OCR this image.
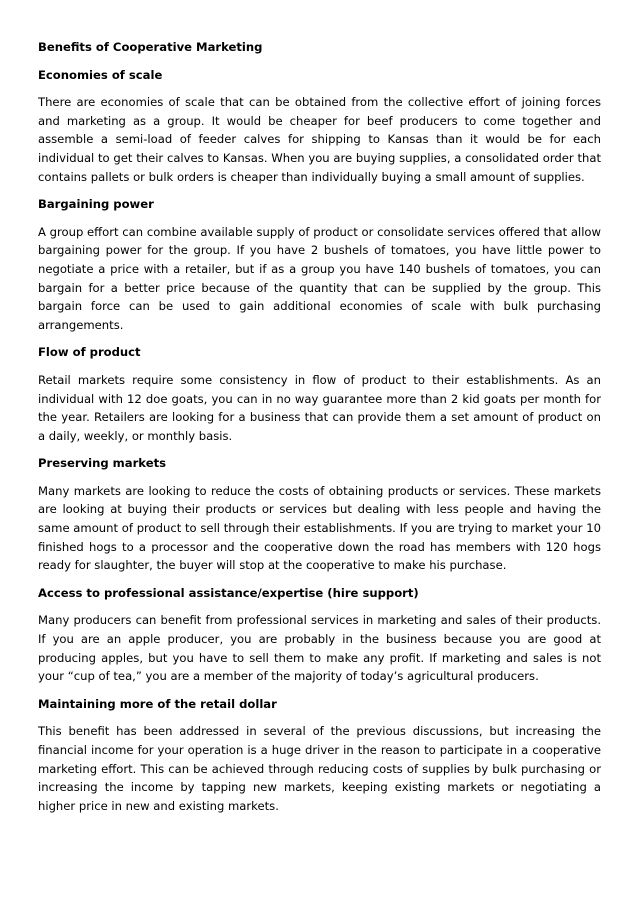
Benefits of Cooperative Marketing
Economies of scale

There are economies of scale that can be obtained from the collective effort of joining forces and marketing as a group. It would be cheaper for beef producers to come together and assemble a semi-load of feeder calves for shipping to Kansas than it would be for each individual to get their calves to Kansas. When you are buying supplies, a consolidated order that contains pallets or bulk orders is cheaper than individually buying a small amount of supplies.

Bargaining power

A group effort can combine available supply of product or consolidate services offered that allow bargaining power for the group. If you have 2 bushels of tomatoes, you have little power to negotiate a price with a retailer, but if as a group you have 140 bushels of tomatoes, you can bargain for a better price because of the quantity that can be supplied by the group. This bargain force can be used to gain additional economies of scale with bulk purchasing arrangements.

Flow of product

Retail markets require some consistency in flow of product to their establishments. As an individual with 12 doe goats, you can in no way guarantee more than 2 kid goats per month for the year. Retailers are looking for a business that can provide them a set amount of product on a daily, weekly, or monthly basis.

Preserving markets

Many markets are looking to reduce the costs of obtaining products or services. These markets are looking at buying their products or services but dealing with less people and having the same amount of product to sell through their establishments. If you are trying to market your 10 finished hogs to a processor and the cooperative down the road has members with 120 hogs ready for slaughter, the buyer will stop at the cooperative to make his purchase.

Access to professional assistance/expertise (hire support)

Many producers can benefit from professional services in marketing and sales of their products. If you are an apple producer, you are probably in the business because you are good at producing apples, but you have to sell them to make any profit. If marketing and sales is not your “cup of tea,” you are a member of the majority of today’s agricultural producers.

Maintaining more of the retail dollar

This benefit has been addressed in several of the previous discussions, but increasing the financial income for your operation is a huge driver in the reason to participate in a cooperative marketing effort. This can be achieved through reducing costs of supplies by bulk purchasing or increasing the income by tapping new markets, keeping existing markets or negotiating a higher price in new and existing markets.
